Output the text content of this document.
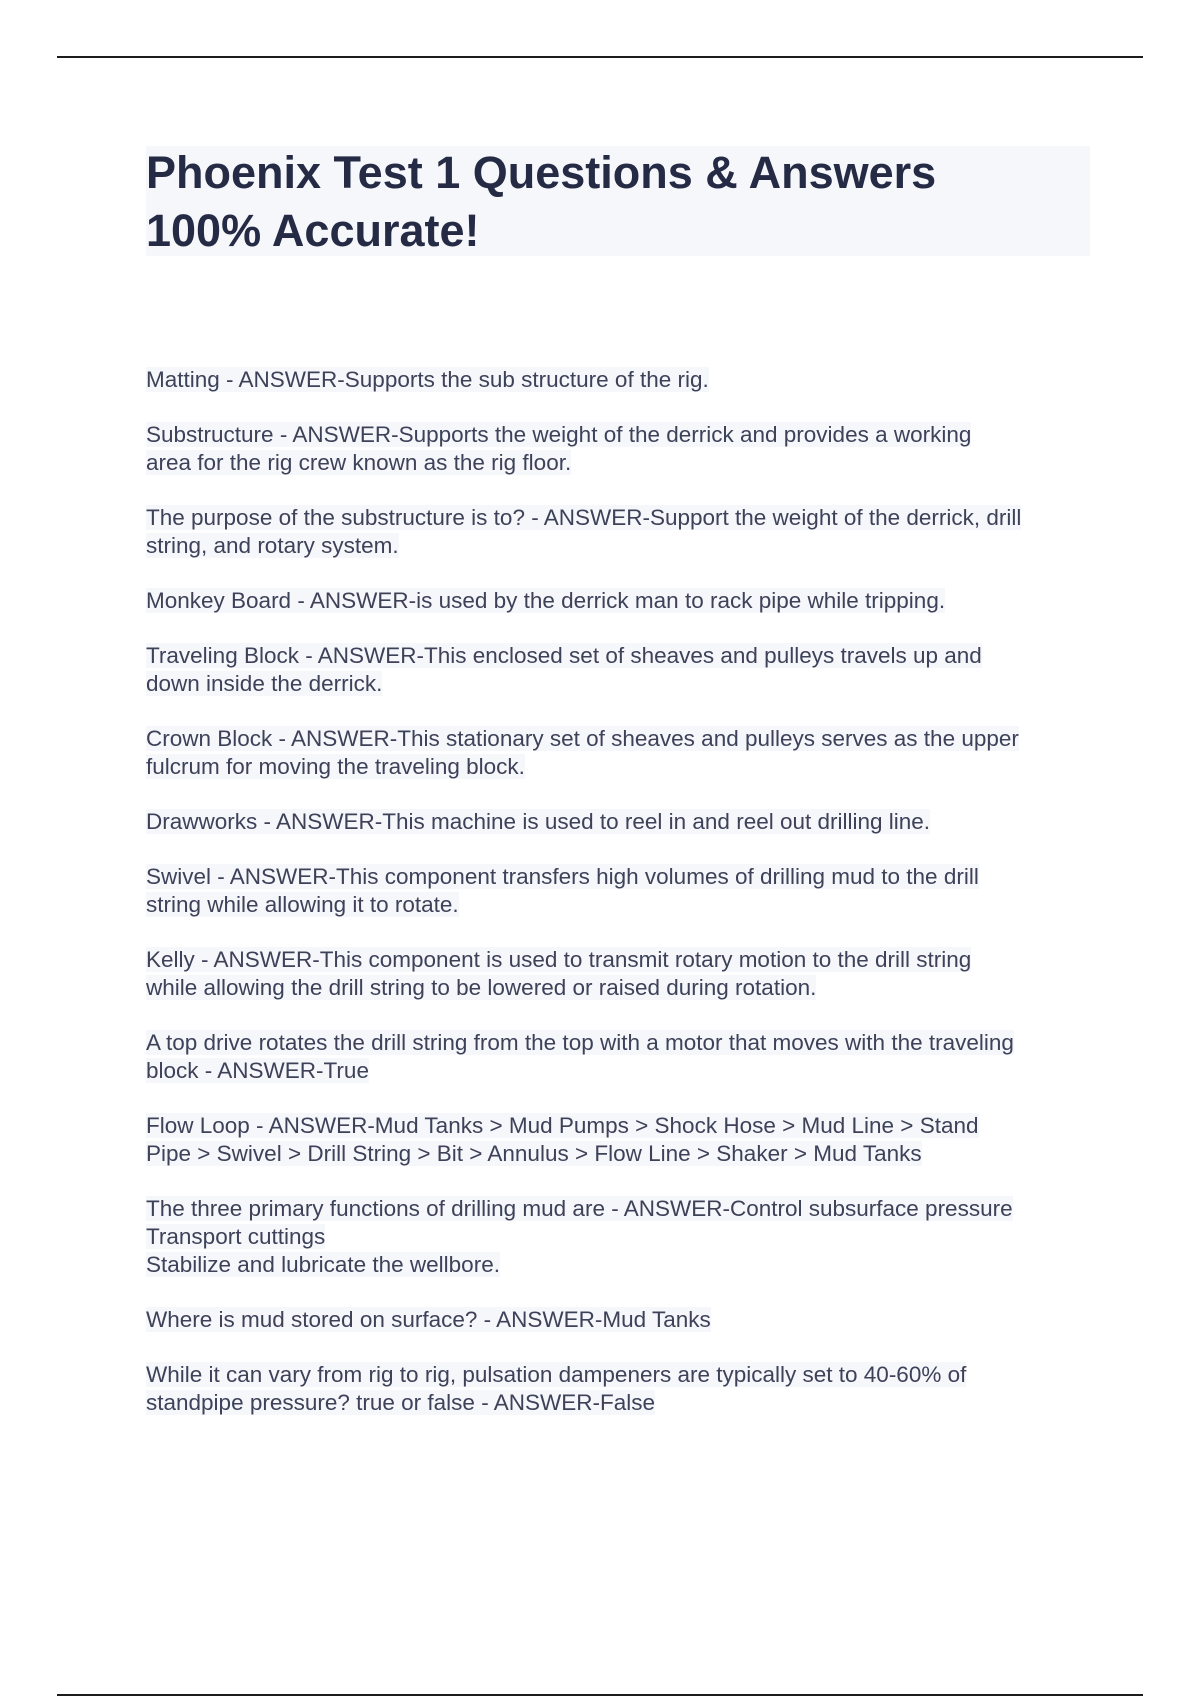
Phoenix Test 1 Questions & Answers
100% Accurate!
Matting - ANSWER-Supports the sub structure of the rig.
Substructure - ANSWER-Supports the weight of the derrick and provides a working
area for the rig crew known as the rig floor.
The purpose of the substructure is to? - ANSWER-Support the weight of the derrick, drill
string, and rotary system.
Monkey Board - ANSWER-is used by the derrick man to rack pipe while tripping.
Traveling Block - ANSWER-This enclosed set of sheaves and pulleys travels up and
down inside the derrick.
Crown Block - ANSWER-This stationary set of sheaves and pulleys serves as the upper
fulcrum for moving the traveling block.
Drawworks - ANSWER-This machine is used to reel in and reel out drilling line.
Swivel - ANSWER-This component transfers high volumes of drilling mud to the drill
string while allowing it to rotate.
Kelly - ANSWER-This component is used to transmit rotary motion to the drill string
while allowing the drill string to be lowered or raised during rotation.
A top drive rotates the drill string from the top with a motor that moves with the traveling
block - ANSWER-True
Flow Loop - ANSWER-Mud Tanks > Mud Pumps > Shock Hose > Mud Line > Stand
Pipe > Swivel > Drill String > Bit > Annulus > Flow Line > Shaker > Mud Tanks
The three primary functions of drilling mud are - ANSWER-Control subsurface pressure
Transport cuttings
Stabilize and lubricate the wellbore.
Where is mud stored on surface? - ANSWER-Mud Tanks
While it can vary from rig to rig, pulsation dampeners are typically set to 40-60% of
standpipe pressure? true or false - ANSWER-False
